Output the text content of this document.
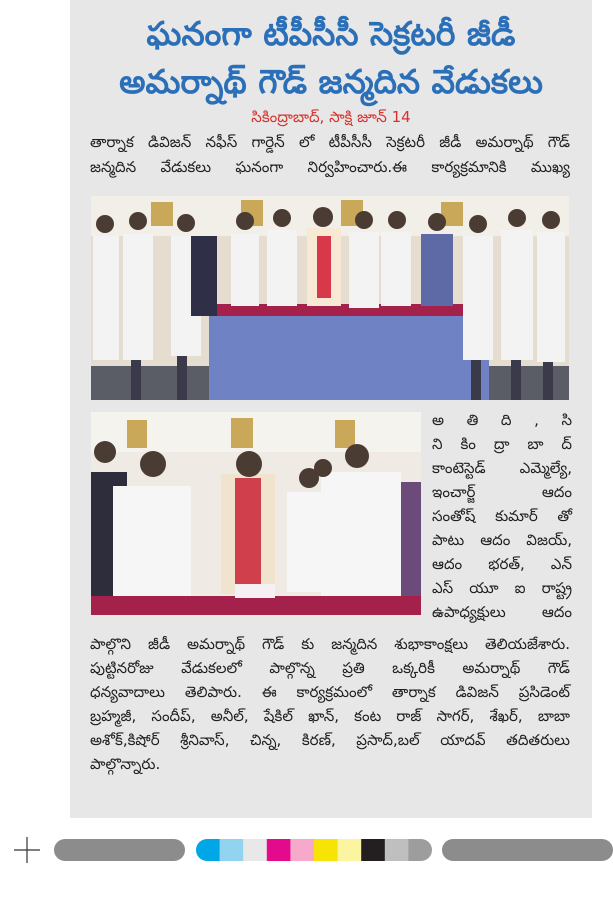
ఘనంగా టీపీసీసీ సెక్రటరీ జీడీ
అమర్నాథ్ గౌడ్ జన్మదిన వేడుకలు
సికింద్రాబాద్, సాక్షి జూన్ 14
తార్నాక డివిజన్ నఫీస్ గార్డెన్ లో టీపీసీసీ సెక్రటరీ జీడీ అమర్నాథ్ గౌడ్
జన్మదిన వేడుకలు ఘనంగా నిర్వహించారు.ఈ కార్యక్రమానికి ముఖ్య
అ తి ది , సి
ని కిం ద్రా బా ద్
కాంటెస్టెడ్ ఎమ్మెల్యే,
ఇంచార్జ్ ఆదం
సంతోష్ కుమార్ తో
పాటు ఆదం విజయ్,
ఆదం భరత్, ఎన్
ఎస్ యూ ఐ రాష్ట్ర
ఉపాధ్యక్షులు ఆదం
పాల్గొని జీడీ అమర్నాథ్ గౌడ్ కు జన్మదిన శుభాకాంక్షలు తెలియజేశారు.
పుట్టినరోజు వేడుకలలో పాల్గొన్న ప్రతి ఒక్కరికీ అమర్నాథ్ గౌడ్
ధన్యవాదాలు తెలిపారు. ఈ కార్యక్రమంలో తార్నాక డివిజన్ ప్రసిడెంట్
బ్రహ్మజీ, సందీప్, అనీల్, షేకిల్ ఖాన్, కంట రాజ్ సాగర్, శేఖర్, బాబా
అశోక్,కిషోర్ శ్రీనివాస్, చిన్న, కిరణ్, ప్రసాద్,బల్ యాదవ్ తదితరులు
పాల్గొన్నారు.
